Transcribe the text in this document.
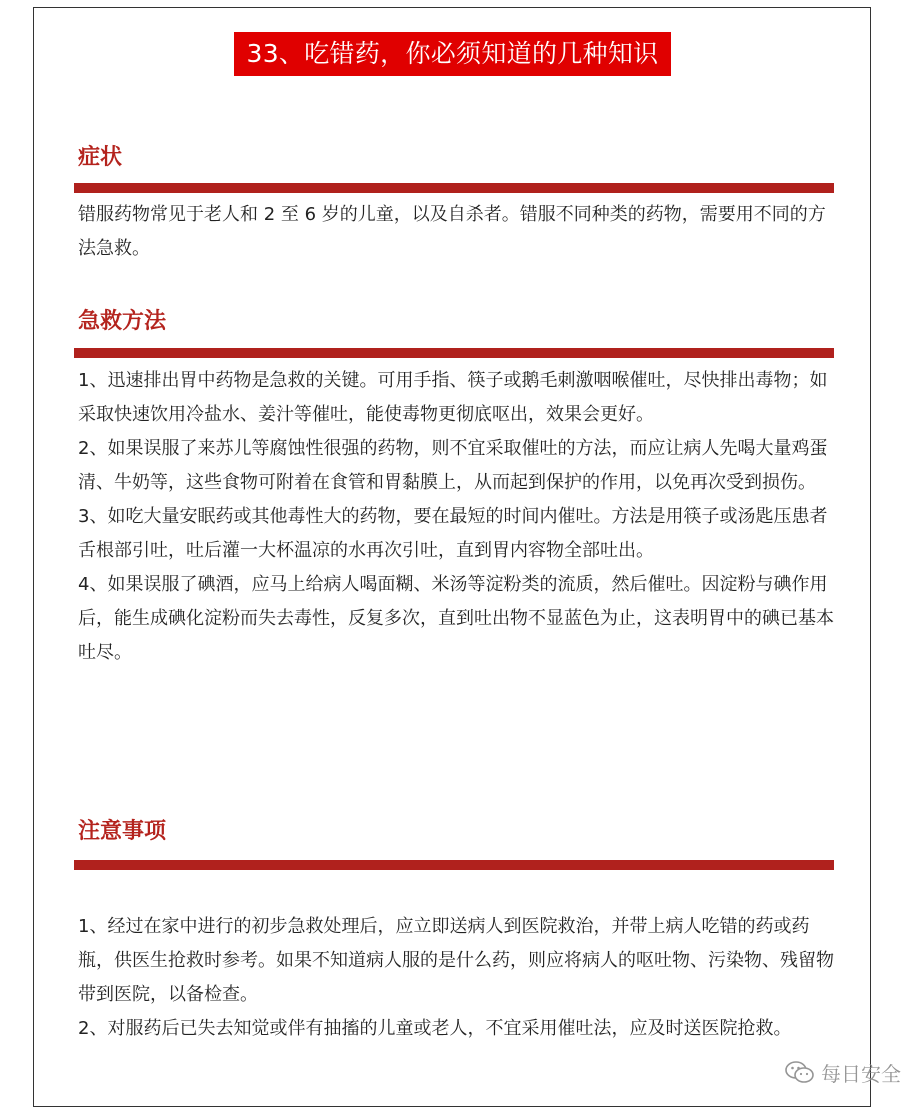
33、吃错药，你必须知道的几种知识
症状

错服药物常见于老人和 2 至 6 岁的儿童，以及自杀者。错服不同种类的药物，需要用不同的方法急救。

急救方法

1、迅速排出胃中药物是急救的关键。可用手指、筷子或鹅毛刺激咽喉催吐，尽快排出毒物；如采取快速饮用冷盐水、姜汁等催吐，能使毒物更彻底呕出，效果会更好。

2、如果误服了来苏儿等腐蚀性很强的药物，则不宜采取催吐的方法，而应让病人先喝大量鸡蛋清、牛奶等，这些食物可附着在食管和胃黏膜上，从而起到保护的作用，以免再次受到损伤。

3、如吃大量安眠药或其他毒性大的药物，要在最短的时间内催吐。方法是用筷子或汤匙压患者舌根部引吐，吐后灌一大杯温凉的水再次引吐，直到胃内容物全部吐出。

4、如果误服了碘酒，应马上给病人喝面糊、米汤等淀粉类的流质，然后催吐。因淀粉与碘作用后，能生成碘化淀粉而失去毒性，反复多次，直到吐出物不显蓝色为止，这表明胃中的碘已基本吐尽。

注意事项

1、经过在家中进行的初步急救处理后，应立即送病人到医院救治，并带上病人吃错的药或药瓶，供医生抢救时参考。如果不知道病人服的是什么药，则应将病人的呕吐物、污染物、残留物带到医院，以备检查。

2、对服药后已失去知觉或伴有抽搐的儿童或老人，不宜采用催吐法，应及时送医院抢救。

每日安全
